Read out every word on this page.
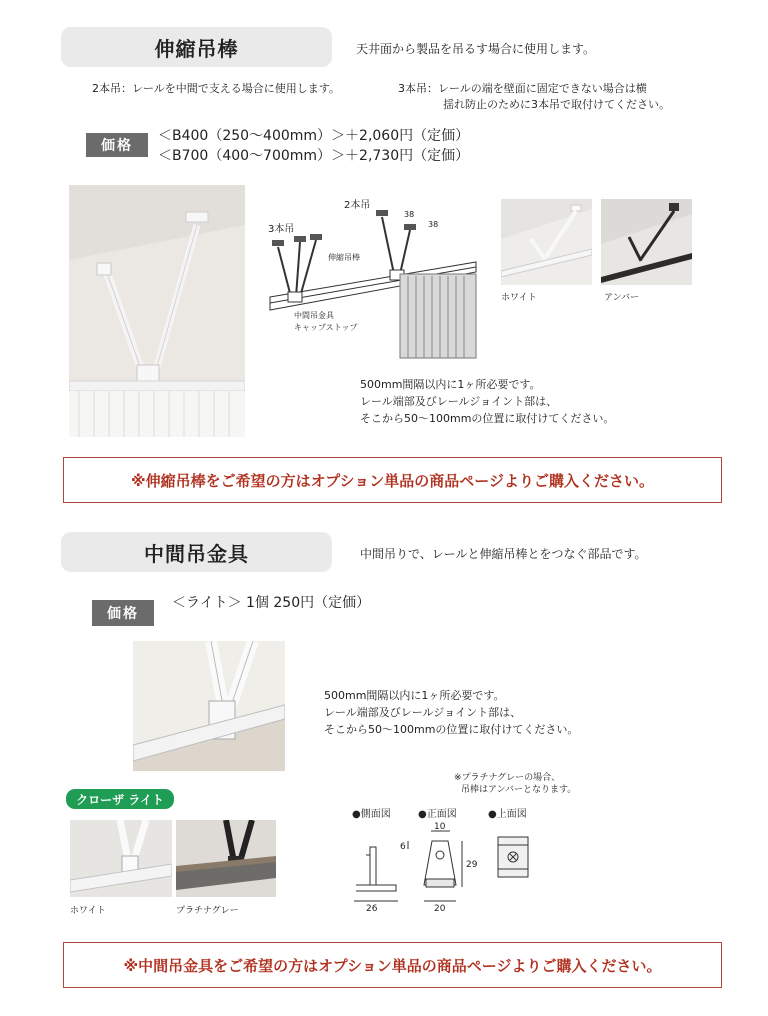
伸縮吊棒	天井面から製品を吊るす場合に使用します。
2本吊：レールを中間で支える場合に使用します。	3本吊：レールの端を壁面に固定できない場合は横
揺れ防止のために3本吊で取付けてください。
価格
＜B400（250〜400mm）＞＋2,060円（定価）
＜B700（400〜700mm）＞＋2,730円（定価）
2本吊
3本吊
38
38
伸縮吊棒
中間吊金具
キャップストップ
ホワイト	アンバー
500mm間隔以内に1ヶ所必要です。
レール端部及びレールジョイント部は、
そこから50〜100mmの位置に取付けてください。
※伸縮吊棒をご希望の方はオプション単品の商品ページよりご購入ください。
中間吊金具	中間吊りで、レールと伸縮吊棒とをつなぐ部品です。
価格
＜ライト＞ 1個 250円（定価）
500mm間隔以内に1ヶ所必要です。
レール端部及びレールジョイント部は、
そこから50〜100mmの位置に取付けてください。
クローザ ライト
ホワイト	プラチナグレー
※プラチナグレーの場合、
吊棒はアンバーとなります。
●側面図	●正面図	●上面図
26
10
6
29
20
※中間吊金具をご希望の方はオプション単品の商品ページよりご購入ください。
